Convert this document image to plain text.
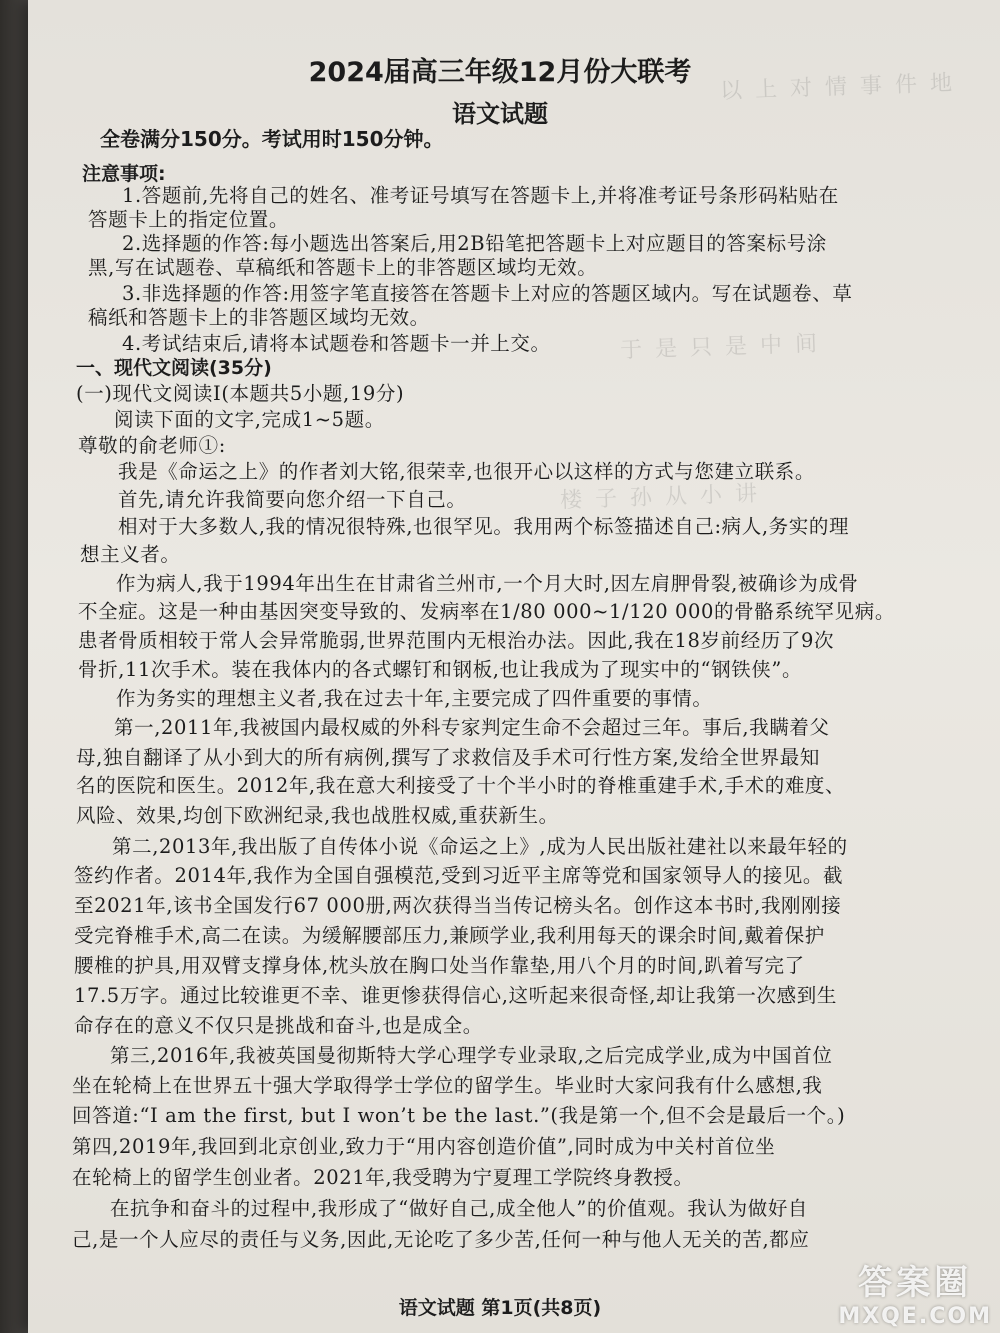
以 上 对 情 事 件 地
于 是 只 是 中 间
楼 子 孙 从 小 讲
2024届高三年级12月份大联考
语文试题
全卷满分150分。考试用时150分钟。
注意事项:
1.答题前,先将自己的姓名、准考证号填写在答题卡上,并将准考证号条形码粘贴在
答题卡上的指定位置。
2.选择题的作答:每小题选出答案后,用2B铅笔把答题卡上对应题目的答案标号涂
黑,写在试题卷、草稿纸和答题卡上的非答题区域均无效。
3.非选择题的作答:用签字笔直接答在答题卡上对应的答题区域内。写在试题卷、草
稿纸和答题卡上的非答题区域均无效。
4.考试结束后,请将本试题卷和答题卡一并上交。
一、现代文阅读(35分)
(一)现代文阅读Ⅰ(本题共5小题,19分)
阅读下面的文字,完成1~5题。
尊敬的俞老师①:
我是《命运之上》的作者刘大铭,很荣幸,也很开心以这样的方式与您建立联系。
首先,请允许我简要向您介绍一下自己。
相对于大多数人,我的情况很特殊,也很罕见。我用两个标签描述自己:病人,务实的理
想主义者。
作为病人,我于1994年出生在甘肃省兰州市,一个月大时,因左肩胛骨裂,被确诊为成骨
不全症。这是一种由基因突变导致的、发病率在1/80 000~1/120 000的骨骼系统罕见病。
患者骨质相较于常人会异常脆弱,世界范围内无根治办法。因此,我在18岁前经历了9次
骨折,11次手术。装在我体内的各式螺钉和钢板,也让我成为了现实中的“钢铁侠”。
作为务实的理想主义者,我在过去十年,主要完成了四件重要的事情。
第一,2011年,我被国内最权威的外科专家判定生命不会超过三年。事后,我瞒着父
母,独自翻译了从小到大的所有病例,撰写了求救信及手术可行性方案,发给全世界最知
名的医院和医生。2012年,我在意大利接受了十个半小时的脊椎重建手术,手术的难度、
风险、效果,均创下欧洲纪录,我也战胜权威,重获新生。
第二,2013年,我出版了自传体小说《命运之上》,成为人民出版社建社以来最年轻的
签约作者。2014年,我作为全国自强模范,受到习近平主席等党和国家领导人的接见。截
至2021年,该书全国发行67 000册,两次获得当当传记榜头名。创作这本书时,我刚刚接
受完脊椎手术,高二在读。为缓解腰部压力,兼顾学业,我利用每天的课余时间,戴着保护
腰椎的护具,用双臂支撑身体,枕头放在胸口处当作靠垫,用八个月的时间,趴着写完了
17.5万字。通过比较谁更不幸、谁更惨获得信心,这听起来很奇怪,却让我第一次感到生
命存在的意义不仅只是挑战和奋斗,也是成全。
第三,2016年,我被英国曼彻斯特大学心理学专业录取,之后完成学业,成为中国首位
坐在轮椅上在世界五十强大学取得学士学位的留学生。毕业时大家问我有什么感想,我
回答道:“I am the first, but I won’t be the last.”(我是第一个,但不会是最后一个。)
第四,2019年,我回到北京创业,致力于“用内容创造价值”,同时成为中关村首位坐
在轮椅上的留学生创业者。2021年,我受聘为宁夏理工学院终身教授。
在抗争和奋斗的过程中,我形成了“做好自己,成全他人”的价值观。我认为做好自
己,是一个人应尽的责任与义务,因此,无论吃了多少苦,任何一种与他人无关的苦,都应
语文试题 第1页(共8页)
答案圈
MXQE.COM
